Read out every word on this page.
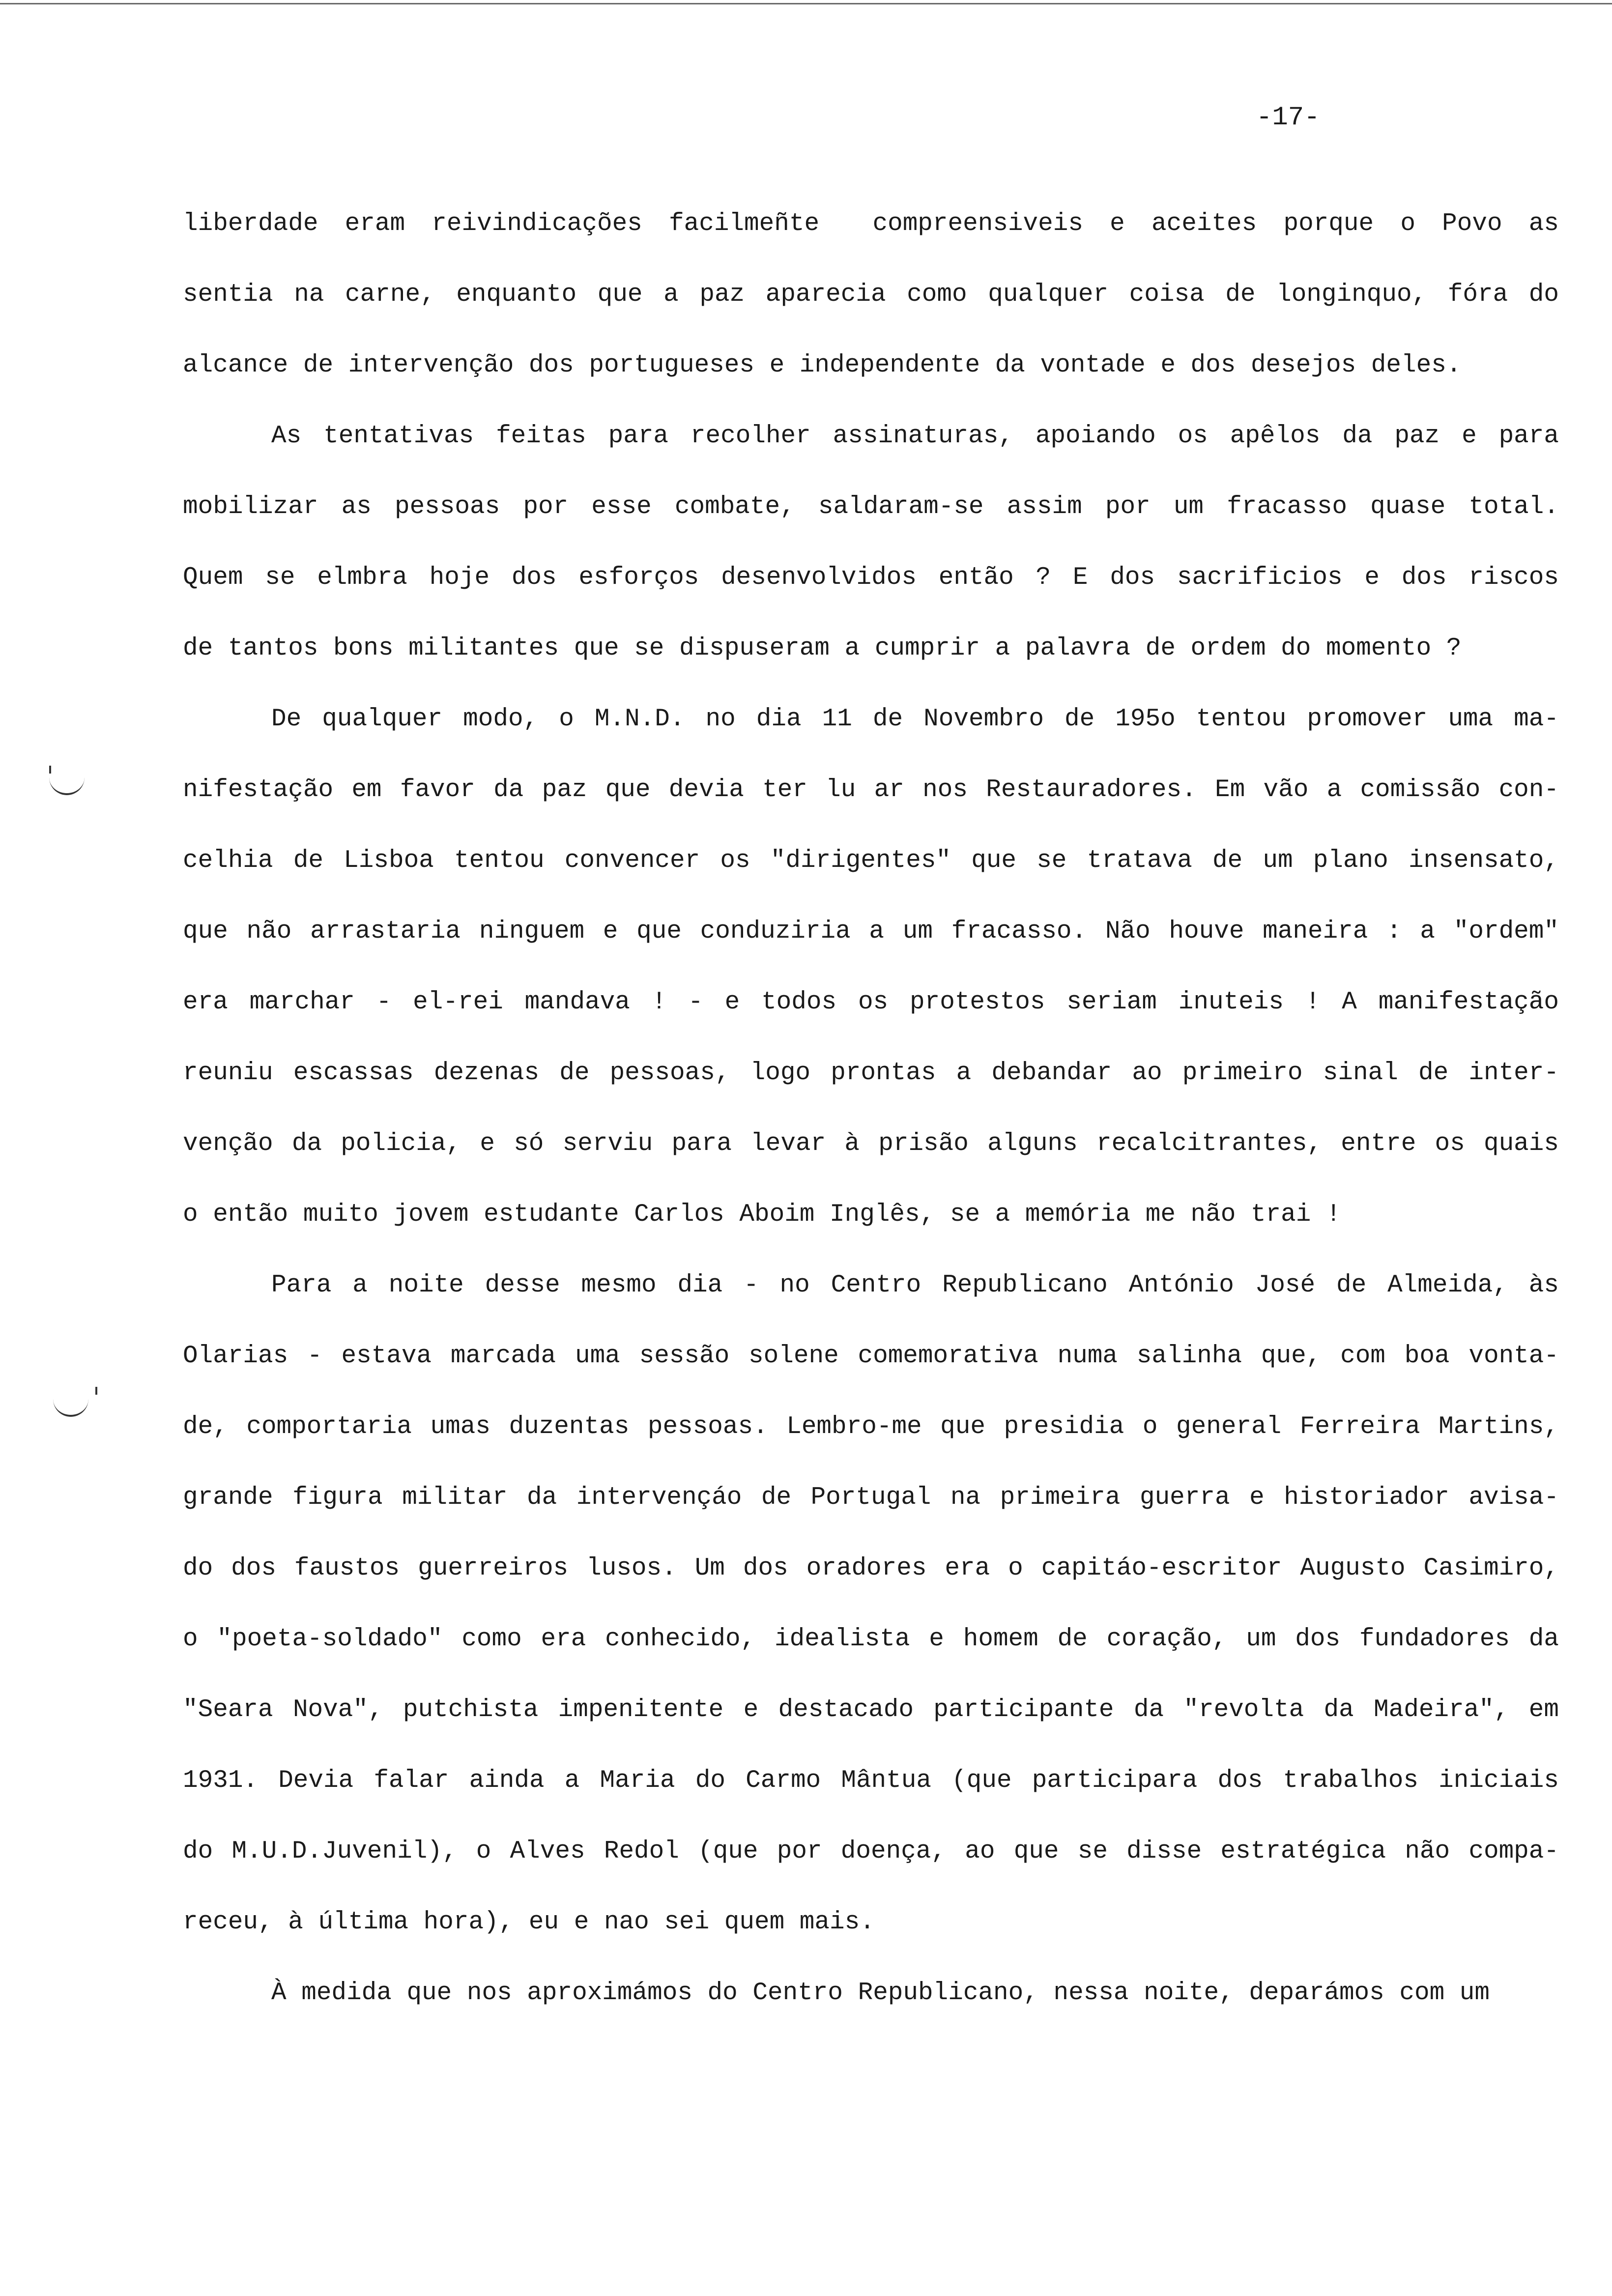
-17-
liberdade eram reivindicações facilmeñte  compreensiveis e aceites porque o Povo as
sentia na carne, enquanto que a paz aparecia como qualquer coisa de longinquo, fóra do
alcance de intervenção dos portugueses e independente da vontade e dos desejos deles.
As tentativas feitas para recolher assinaturas, apoiando os apêlos da paz e para
mobilizar as pessoas por esse combate, saldaram-se assim por um fracasso quase total.
Quem se elmbra hoje dos esforços desenvolvidos então ? E dos sacrificios e dos riscos
de tantos bons militantes que se dispuseram a cumprir a palavra de ordem do momento ?
De qualquer modo, o M.N.D. no dia 11 de Novembro de 195o tentou promover uma ma-
nifestação em favor da paz que devia ter lu ar nos Restauradores. Em vão a comissão con-
celhia de Lisboa tentou convencer os "dirigentes" que se tratava de um plano insensato,
que não arrastaria ninguem e que conduziria a um fracasso. Não houve maneira : a "ordem"
era marchar - el-rei mandava ! - e todos os protestos seriam inuteis ! A manifestação
reuniu escassas dezenas de pessoas, logo prontas a debandar ao primeiro sinal de inter-
venção da policia, e só serviu para levar à prisão alguns recalcitrantes, entre os quais
o então muito jovem estudante Carlos Aboim Inglês, se a memória me não trai !
Para a noite desse mesmo dia - no Centro Republicano António José de Almeida, às
Olarias - estava marcada uma sessão solene comemorativa numa salinha que, com boa vonta-
de, comportaria umas duzentas pessoas. Lembro-me que presidia o general Ferreira Martins,
grande figura militar da intervençáo de Portugal na primeira guerra e historiador avisa-
do dos faustos guerreiros lusos. Um dos oradores era o capitáo-escritor Augusto Casimiro,
o "poeta-soldado" como era conhecido, idealista e homem de coração, um dos fundadores da
"Seara Nova", putchista impenitente e destacado participante da "revolta da Madeira", em
1931. Devia falar ainda a Maria do Carmo Mântua (que participara dos trabalhos iniciais
do M.U.D.Juvenil), o Alves Redol (que por doença, ao que se disse estratégica não compa-
receu, à última hora), eu e nao sei quem mais.
À medida que nos aproximámos do Centro Republicano, nessa noite, deparámos com um
